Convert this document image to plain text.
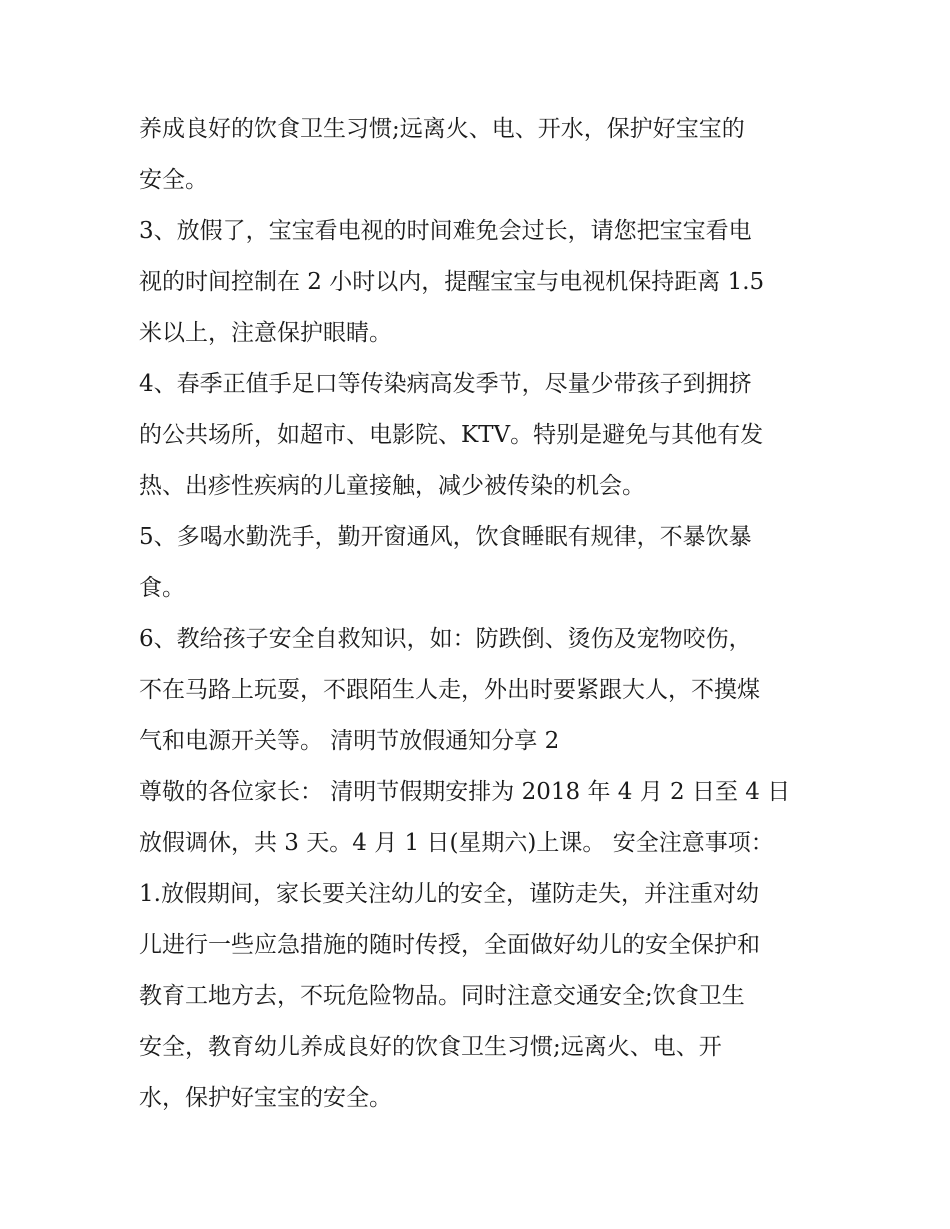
养成良好的饮食卫生习惯;远离火、电、开水，保护好宝宝的
安全。
3、放假了，宝宝看电视的时间难免会过长，请您把宝宝看电
视的时间控制在 2 小时以内，提醒宝宝与电视机保持距离 1.5
米以上，注意保护眼睛。
4、春季正值手足口等传染病高发季节，尽量少带孩子到拥挤
的公共场所，如超市、电影院、KTV。特别是避免与其他有发
热、出疹性疾病的儿童接触，减少被传染的机会。
5、多喝水勤洗手，勤开窗通风，饮食睡眠有规律，不暴饮暴
食。
6、教给孩子安全自救知识，如：防跌倒、烫伤及宠物咬伤，
不在马路上玩耍，不跟陌生人走，外出时要紧跟大人，不摸煤
气和电源开关等。 清明节放假通知分享 2
尊敬的各位家长： 清明节假期安排为 2018 年 4 月 2 日至 4 日
放假调休，共 3 天。4 月 1 日(星期六)上课。 安全注意事项：
1.放假期间，家长要关注幼儿的安全，谨防走失，并注重对幼
儿进行一些应急措施的随时传授，全面做好幼儿的安全保护和
教育工地方去，不玩危险物品。同时注意交通安全;饮食卫生
安全，教育幼儿养成良好的饮食卫生习惯;远离火、电、开
水，保护好宝宝的安全。
